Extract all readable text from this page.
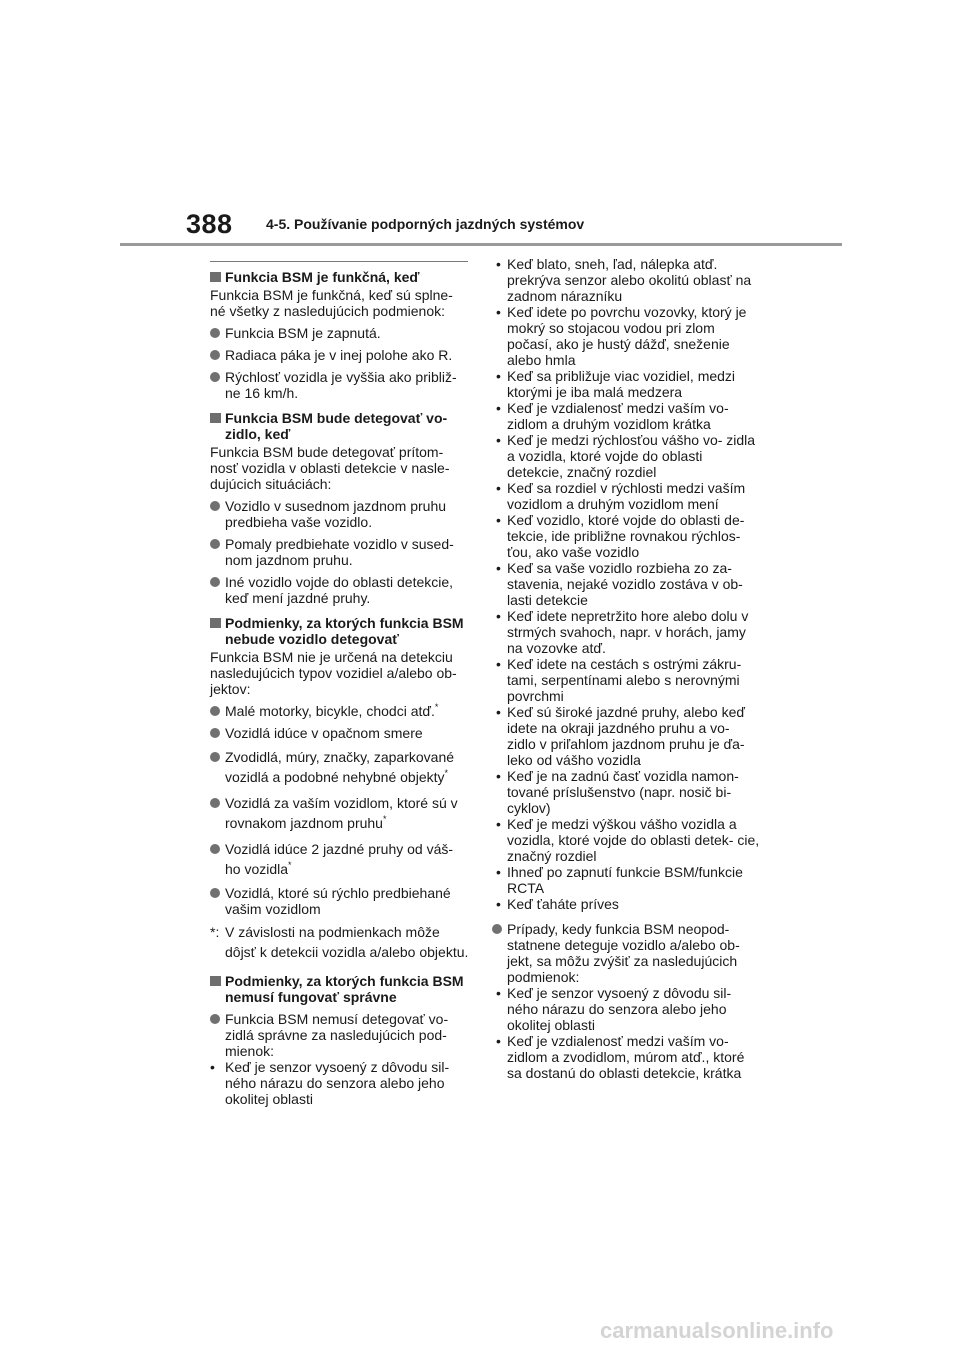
388 4-5. Používanie podporných jazdných systémov
Funkcia BSM je funkčná, keď
Funkcia BSM je funkčná, keď sú splne- né všetky z nasledujúcich podmienok:
Funkcia BSM je zapnutá.
Radiaca páka je v inej polohe ako R.
Rýchlosť vozidla je vyššia ako približ- ne 16 km/h.
Funkcia BSM bude detegovať vo- zidlo, keď
Funkcia BSM bude detegovať prítom- nosť vozidla v oblasti detekcie v nasle- dujúcich situáciách:
Vozidlo v susednom jazdnom pruhu predbieha vaše vozidlo.
Pomaly predbiehate vozidlo v sused- nom jazdnom pruhu.
Iné vozidlo vojde do oblasti detekcie, keď mení jazdné pruhy.
Podmienky, za ktorých funkcia BSM nebude vozidlo detegovať
Funkcia BSM nie je určená na detekciu nasledujúcich typov vozidiel a/alebo ob- jektov:
Malé motorky, bicykle, chodci atď.*
Vozidlá idúce v opačnom smere
Zvodidlá, múry, značky, zaparkované vozidlá a podobné nehybné objekty*
Vozidlá za vaším vozidlom, ktoré sú v rovnakom jazdnom pruhu*
Vozidlá idúce 2 jazdné pruhy od váš- ho vozidla*
Vozidlá, ktoré sú rýchlo predbiehané vašim vozidlom
*: V závislosti na podmienkach môže dôjsť k detekcii vozidla a/alebo objektu.
Podmienky, za ktorých funkcia BSM nemusí fungovať správne
Funkcia BSM nemusí detegovať vo- zidlá správne za nasledujúcich pod- mienok:
• Keď je senzor vysoený z dôvodu sil- ného nárazu do senzora alebo jeho okolitej oblasti
• Keď blato, sneh, ľad, nálepka atď. prekrýva senzor alebo okolitú oblasť na zadnom nárazníku
• Keď idete po povrchu vozovky, ktorý je mokrý so stojacou vodou pri zlom počasí, ako je hustý dážď, sneženie alebo hmla
• Keď sa približuje viac vozidiel, medzi ktorými je iba malá medzera
• Keď je vzdialenosť medzi vaším vo- zidlom a druhým vozidlom krátka
• Keď je medzi rýchlosťou vášho vo- zidla a vozidla, ktoré vojde do oblasti detekcie, značný rozdiel
• Keď sa rozdiel v rýchlosti medzi vaším vozidlom a druhým vozidlom mení
• Keď vozidlo, ktoré vojde do oblasti de- tekcie, ide približne rovnakou rýchlos- ťou, ako vaše vozidlo
• Keď sa vaše vozidlo rozbieha zo za- stavenia, nejaké vozidlo zostáva v ob- lasti detekcie
• Keď idete nepretržito hore alebo dolu v strmých svahoch, napr. v horách, jamy na vozovke atď.
• Keď idete na cestách s ostrými zákru- tami, serpentínami alebo s nerovnými povrchmi
• Keď sú široké jazdné pruhy, alebo keď idete na okraji jazdného pruhu a vo- zidlo v priľahlom jazdnom pruhu je ďa- leko od vášho vozidla
• Keď je na zadnú časť vozidla namon- tované príslušenstvo (napr. nosič bi- cyklov)
• Keď je medzi výškou vášho vozidla a vozidla, ktoré vojde do oblasti detek- cie, značný rozdiel
• Ihneď po zapnutí funkcie BSM/funkcie RCTA
• Keď ťaháte príves
Prípady, kedy funkcia BSM neopod- statnene deteguje vozidlo a/alebo ob- jekt, sa môžu zvýšiť za nasledujúcich podmienok:
• Keď je senzor vysoený z dôvodu sil- ného nárazu do senzora alebo jeho okolitej oblasti
• Keď je vzdialenosť medzi vaším vo- zidlom a zvodidlom, múrom atď., ktoré sa dostanú do oblasti detekcie, krátka
carmanualsonline.info
